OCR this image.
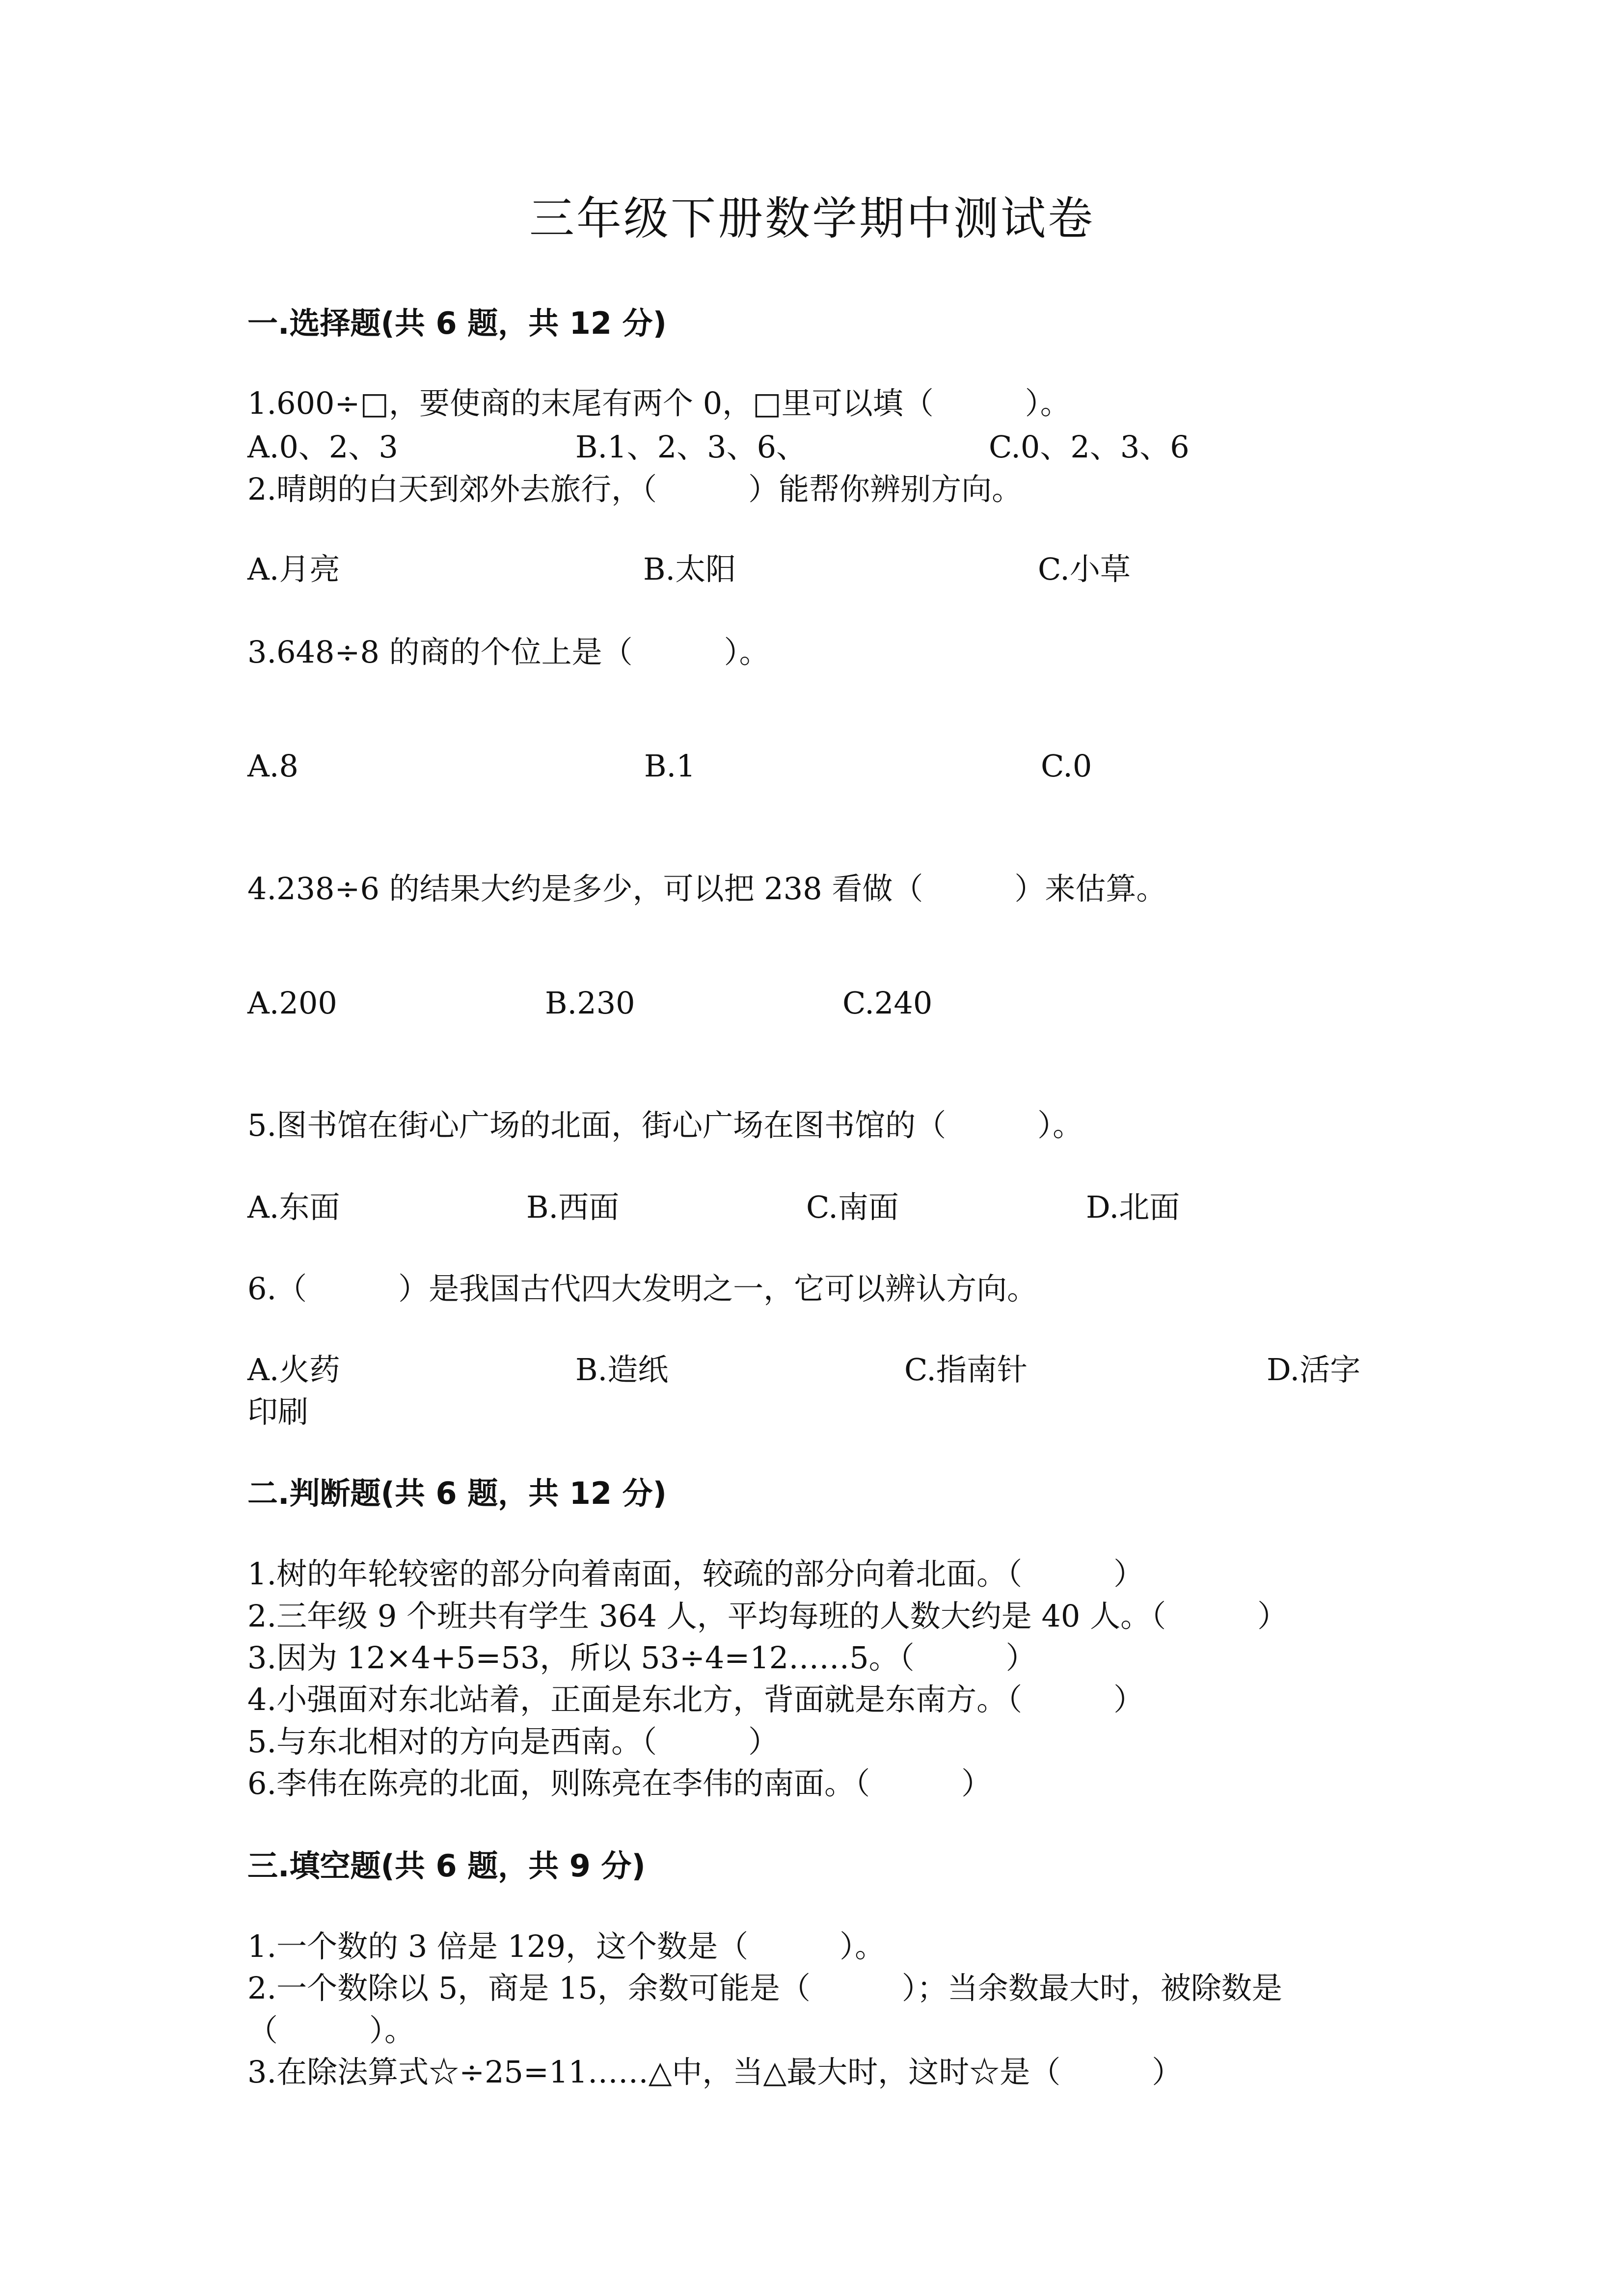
三年级下册数学期中测试卷
一.选择题(共 6 题，共 12 分)
1.600÷□，要使商的末尾有两个 0，□里可以填（　　　）。
A.0、2、3	B.1、2、3、6、	C.0、2、3、6
2.晴朗的白天到郊外去旅行，（　　　）能帮你辨别方向。
A.月亮	B.太阳	C.小草
3.648÷8 的商的个位上是（　　　）。
A.8	B.1	C.0
4.238÷6 的结果大约是多少，可以把 238 看做（　　　）来估算。
A.200	B.230	C.240
5.图书馆在街心广场的北面，街心广场在图书馆的（　　　）。
A.东面	B.西面	C.南面	D.北面
6.（　　　）是我国古代四大发明之一，它可以辨认方向。
A.火药	B.造纸	C.指南针	D.活字
印刷
二.判断题(共 6 题，共 12 分)
1.树的年轮较密的部分向着南面，较疏的部分向着北面。（　　　）
2.三年级 9 个班共有学生 364 人，平均每班的人数大约是 40 人。（　　　）
3.因为 12×4+5=53，所以 53÷4=12……5。（　　　）
4.小强面对东北站着，正面是东北方，背面就是东南方。（　　　）
5.与东北相对的方向是西南。（　　　）
6.李伟在陈亮的北面，则陈亮在李伟的南面。（　　　）
三.填空题(共 6 题，共 9 分)
1.一个数的 3 倍是 129，这个数是（　　　）。
2.一个数除以 5，商是 15，余数可能是（　　　）；当余数最大时，被除数是
（　　　）。
3.在除法算式☆÷25=11……△中，当△最大时，这时☆是（　　　）
